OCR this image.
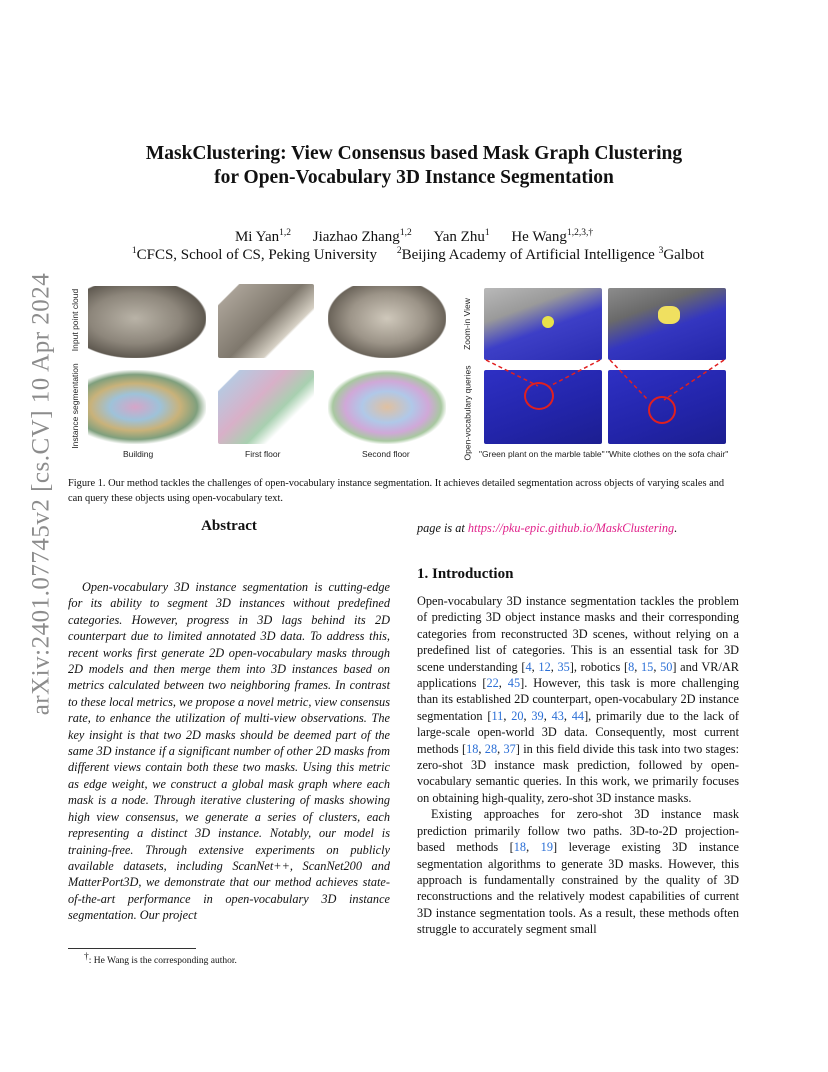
arXiv:2401.07745v2 [cs.CV] 10 Apr 2024
MaskClustering: View Consensus based Mask Graph Clustering
for Open-Vocabulary 3D Instance Segmentation
Mi Yan$^{1,2}$ Jiazhao Zhang$^{1,2}$ Yan Zhu$^1$ He Wang$^{1,2,3,\dagger}$
$^1$CFCS, School of CS, Peking University $^2$Beijing Academy of Artificial Intelligence $^3$Galbot
Input point cloud
Instance segmentation
Building	First floor	Second floor
Zoom-in View
Open-vocabulary queries "Green plant on the marble table" "White clothes on the sofa chair"
Figure 1. Our method tackles the challenges of open-vocabulary instance segmentation. It achieves detailed segmentation across objects of varying scales and can query these objects using open-vocabulary text.
Abstract

Open-vocabulary 3D instance segmentation is cutting-edge for its ability to segment 3D instances without predefined categories. However, progress in 3D lags behind its 2D counterpart due to limited annotated 3D data. To address this, recent works first generate 2D open-vocabulary masks through 2D models and then merge them into 3D instances based on metrics calculated between two neighboring frames. In contrast to these local metrics, we propose a novel metric, view consensus rate, to enhance the utilization of multi-view observations. The key insight is that two 2D masks should be deemed part of the same 3D instance if a significant number of other 2D masks from different views contain both these two masks. Using this metric as edge weight, we construct a global mask graph where each mask is a node. Through iterative clustering of masks showing high view consensus, we generate a series of clusters, each representing a distinct 3D instance. Notably, our model is training-free. Through extensive experiments on publicly available datasets, including ScanNet++, ScanNet200 and MatterPort3D, we demonstrate that our method achieves state-of-the-art performance in open-vocabulary 3D instance segmentation. Our project

page is at https://pku-epic.github.io/MaskClustering.
1. Introduction

Open-vocabulary 3D instance segmentation tackles the problem of predicting 3D object instance masks and their corresponding categories from reconstructed 3D scenes, without relying on a predefined list of categories. This is an essential task for 3D scene understanding [4, 12, 35], robotics [8, 15, 50] and VR/AR applications [22, 45]. However, this task is more challenging than its established 2D counterpart, open-vocabulary 2D instance segmentation [11, 20, 39, 43, 44], primarily due to the lack of large-scale open-world 3D data. Consequently, most current methods [18, 28, 37] in this field divide this task into two stages: zero-shot 3D instance mask prediction, followed by open-vocabulary semantic queries. In this work, we primarily focuses on obtaining high-quality, zero-shot 3D instance masks.

Existing approaches for zero-shot 3D instance mask prediction primarily follow two paths. 3D-to-2D projection-based methods [18, 19] leverage existing 3D instance segmentation algorithms to generate 3D masks. However, this approach is fundamentally constrained by the quality of 3D reconstructions and the relatively modest capabilities of current 3D instance segmentation tools. As a result, these methods often struggle to accurately segment small

†: He Wang is the corresponding author.
